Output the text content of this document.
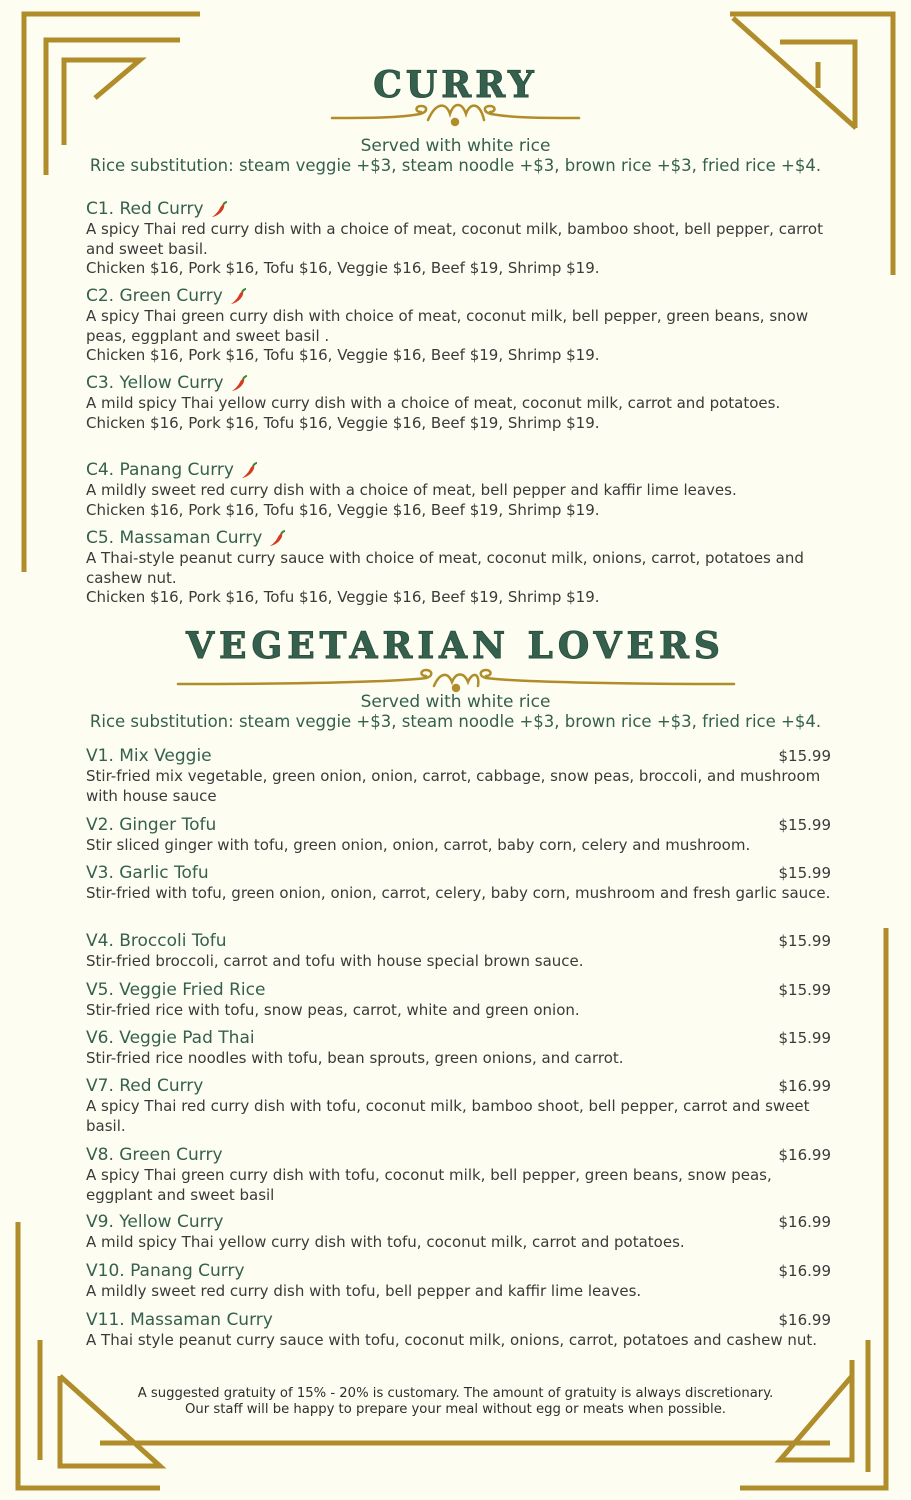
CURRY
Served with white rice
Rice substitution: steam veggie +$3, steam noodle +$3, brown rice +$3, fried rice +$4.
C1. Red Curry
A spicy Thai red curry dish with a choice of meat, coconut milk, bamboo shoot, bell pepper, carrot and sweet basil.
Chicken $16, Pork $16, Tofu $16, Veggie $16, Beef $19, Shrimp $19.
C2. Green Curry
A spicy Thai green curry dish with choice of meat, coconut milk, bell pepper, green beans, snow peas, eggplant and sweet basil .
Chicken $16, Pork $16, Tofu $16, Veggie $16, Beef $19, Shrimp $19.
C3. Yellow Curry
A mild spicy Thai yellow curry dish with a choice of meat, coconut milk, carrot and potatoes.
Chicken $16, Pork $16, Tofu $16, Veggie $16, Beef $19, Shrimp $19.
C4. Panang Curry
A mildly sweet red curry dish with a choice of meat, bell pepper and kaffir lime leaves.
Chicken $16, Pork $16, Tofu $16, Veggie $16, Beef $19, Shrimp $19.
C5. Massaman Curry
A Thai-style peanut curry sauce with choice of meat, coconut milk, onions, carrot, potatoes and cashew nut.
Chicken $16, Pork $16, Tofu $16, Veggie $16, Beef $19, Shrimp $19.
VEGETARIAN LOVERS
Served with white rice
Rice substitution: steam veggie +$3, steam noodle +$3, brown rice +$3, fried rice +$4.
V1. Mix Veggie	$15.99
Stir-fried mix vegetable, green onion, onion, carrot, cabbage, snow peas, broccoli, and mushroom with house sauce
V2. Ginger Tofu	$15.99
Stir sliced ginger with tofu, green onion, onion, carrot, baby corn, celery and mushroom.
V3. Garlic Tofu	$15.99
Stir-fried with tofu, green onion, onion, carrot, celery, baby corn, mushroom and fresh garlic sauce.
V4. Broccoli Tofu	$15.99
Stir-fried broccoli, carrot and tofu with house special brown sauce.
V5. Veggie Fried Rice	$15.99
Stir-fried rice with tofu, snow peas, carrot, white and green onion.
V6. Veggie Pad Thai	$15.99
Stir-fried rice noodles with tofu, bean sprouts, green onions, and carrot.
V7. Red Curry	$16.99
A spicy Thai red curry dish with tofu, coconut milk, bamboo shoot, bell pepper, carrot and sweet basil.
V8. Green Curry	$16.99
A spicy Thai green curry dish with tofu, coconut milk, bell pepper, green beans, snow peas, eggplant and sweet basil
V9. Yellow Curry	$16.99
A mild spicy Thai yellow curry dish with tofu, coconut milk, carrot and potatoes.
V10. Panang Curry	$16.99
A mildly sweet red curry dish with tofu, bell pepper and kaffir lime leaves.
V11. Massaman Curry	$16.99
A Thai style peanut curry sauce with tofu, coconut milk, onions, carrot, potatoes and cashew nut.
A suggested gratuity of 15% - 20% is customary. The amount of gratuity is always discretionary.
Our staff will be happy to prepare your meal without egg or meats when possible.
